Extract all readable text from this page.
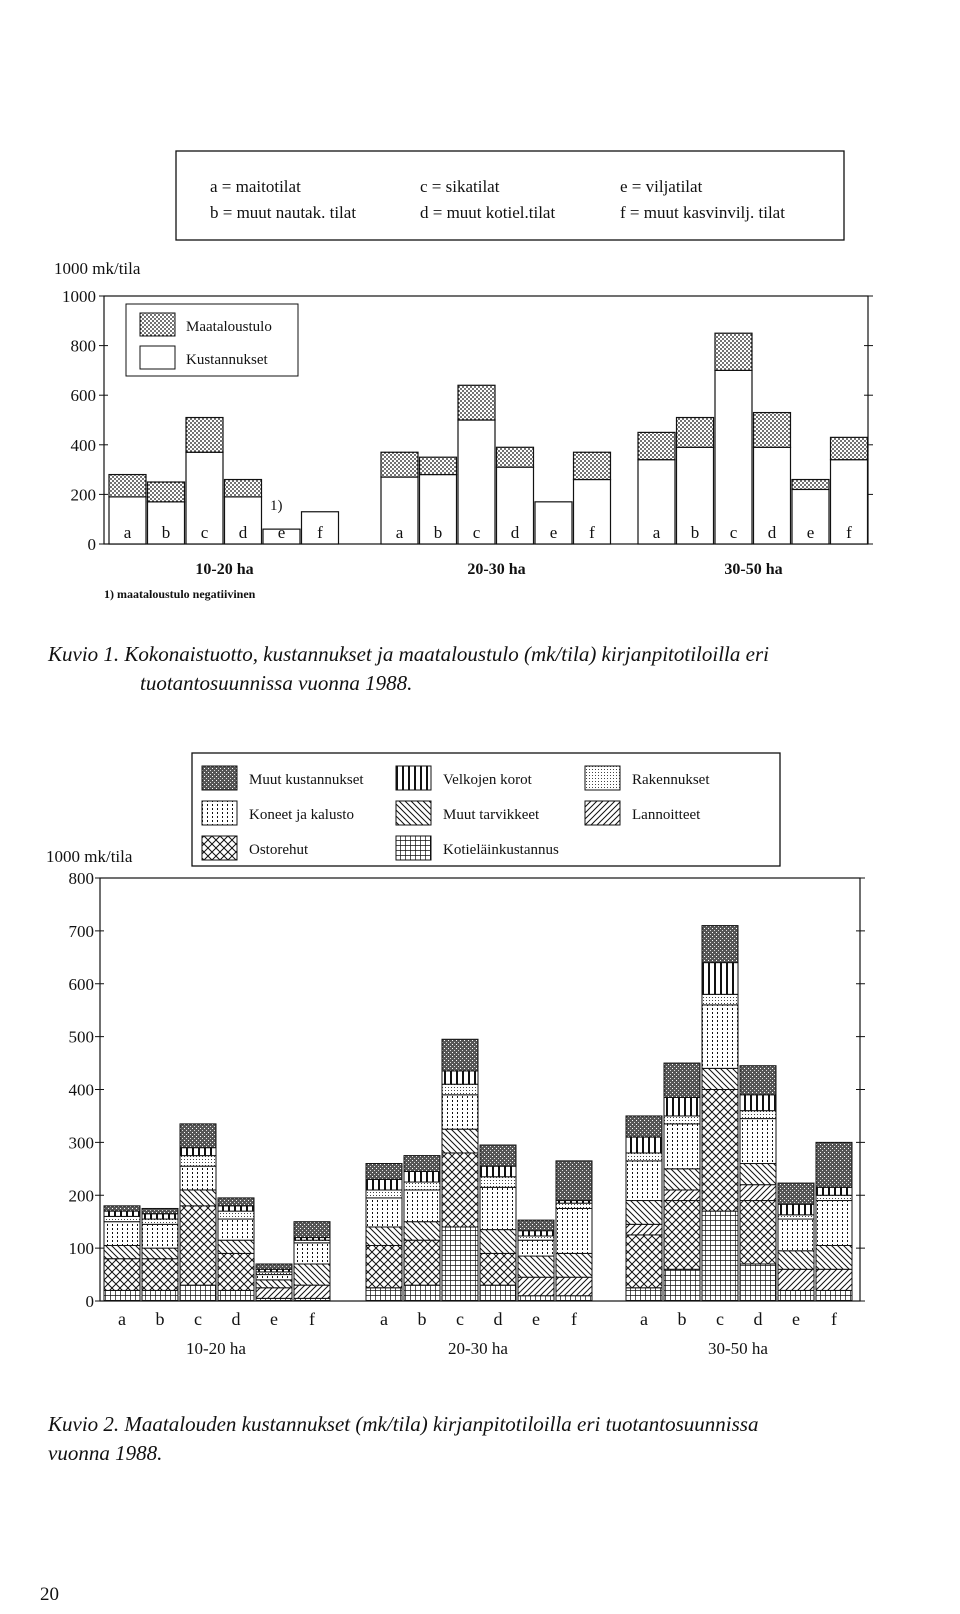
a = maitotilat	c = sikatilat	e = viljatilat
b = muut nautak. tilat	d = muut kotiel.tilat	f = muut kasvinvilj. tilat
1000 mk/tila
0
200
400
600
800
1000
a b c d e f
10-20 ha
a b c d e f
20-30 ha
a b c d e f
30-50 ha
Maataloustulo
Kustannukset
1)
1) maataloustulo negatiivinen
Muut kustannukset
Koneet ja kalusto
Ostorehut
Velkojen korot
Muut tarvikkeet
Kotieläinkustannus
Rakennukset
Lannoitteet
1000 mk/tila
0
100
200
300
400
500
600
700
800
a b c d e f
10-20 ha
a b c d e f
20-30 ha
a b c d e f
30-50 ha

Kuvio 1. Kokonaistuotto, kustannukset ja maataloustulo (mk/tila) kirjanpitotiloilla eri
tuotantosuunnissa vuonna 1988.

Kuvio 2. Maatalouden kustannukset (mk/tila) kirjanpitotiloilla eri tuotantosuunnissa
vuonna 1988.

20
